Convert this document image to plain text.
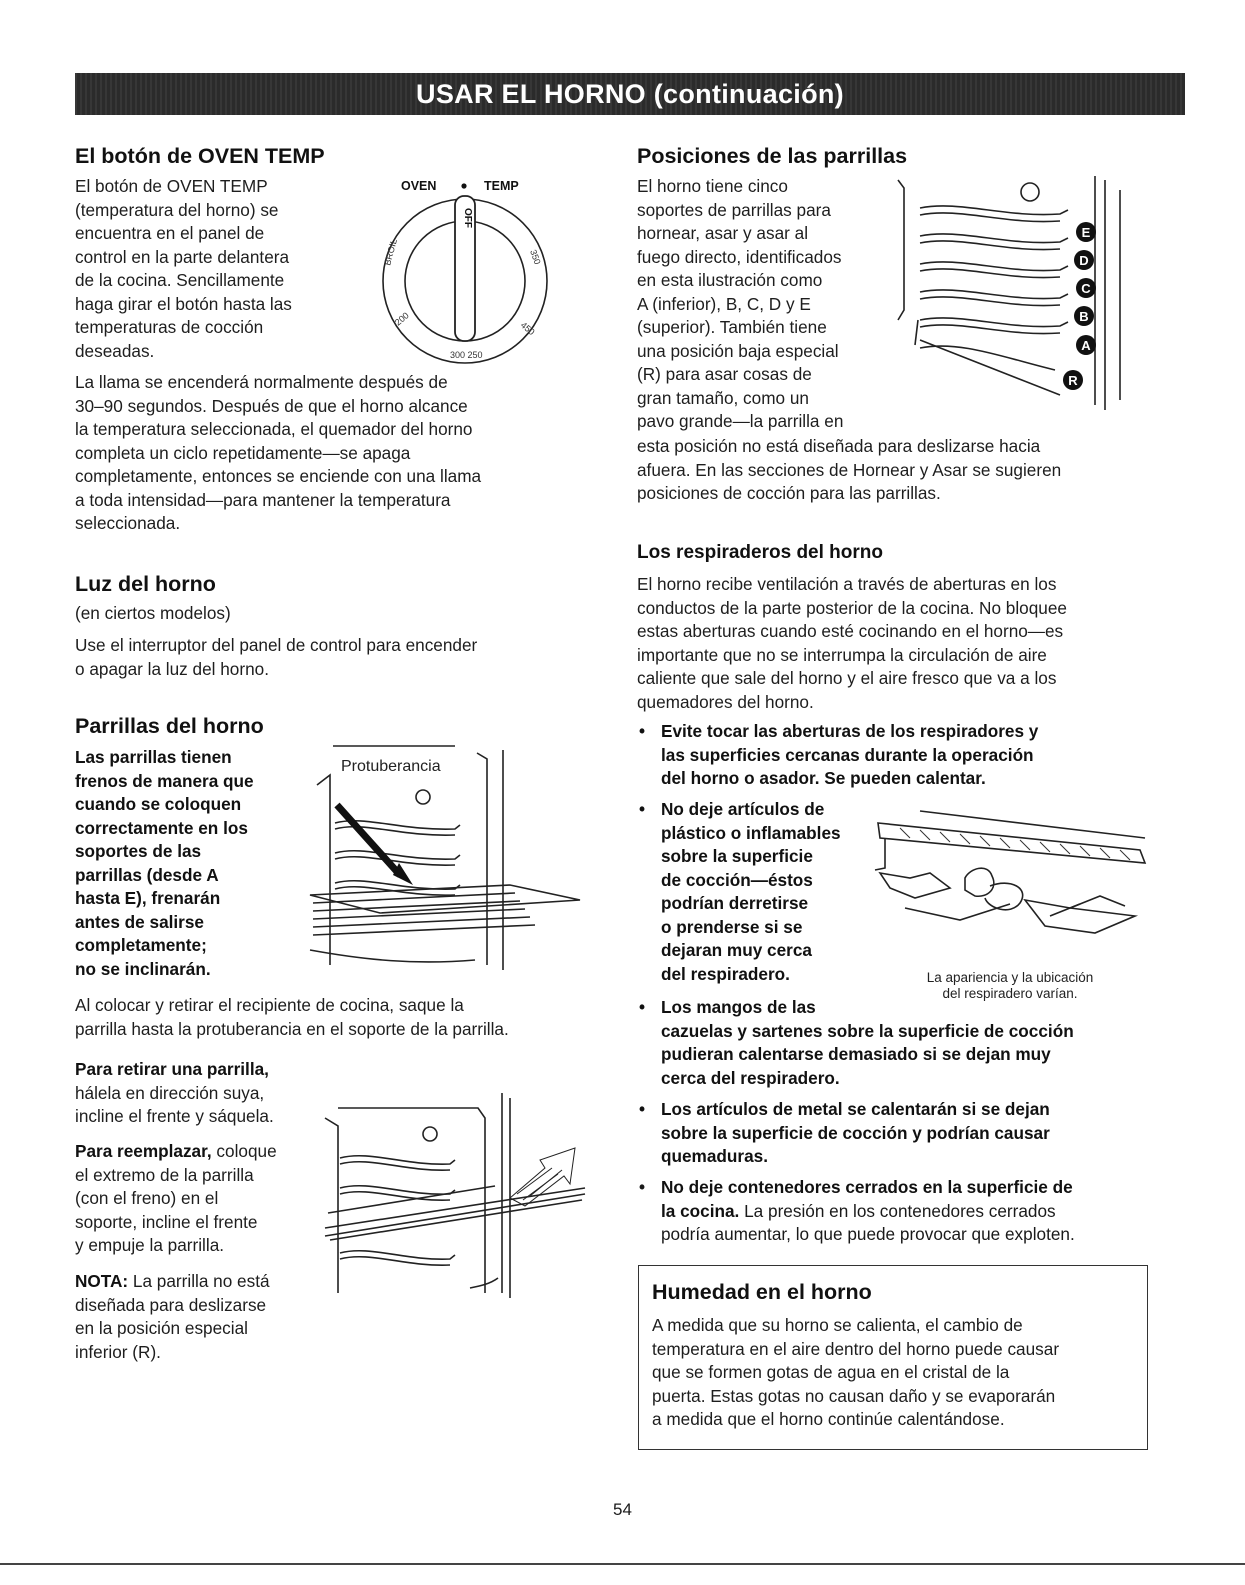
USAR EL HORNO (continuación)
El botón de OVEN TEMP
El botón de OVEN TEMP
(temperatura del horno) se
encuentra en el panel de
control en la parte delantera
de la cocina. Sencillamente
haga girar el botón hasta las
temperaturas de cocción
deseadas.
OVEN	TEMP
OFF
BROIL	350
200
450
300 250
La llama se encenderá normalmente después de
30–90 segundos. Después de que el horno alcance
la temperatura seleccionada, el quemador del horno
completa un ciclo repetidamente—se apaga
completamente, entonces se enciende con una llama
a toda intensidad—para mantener la temperatura
seleccionada.
Luz del horno
(en ciertos modelos)
Use el interruptor del panel de control para encender
o apagar la luz del horno.
Parrillas del horno
Las parrillas tienen
frenos de manera que
cuando se coloquen
correctamente en los
soportes de las
parrillas (desde A
hasta E), frenarán
antes de salirse
completamente;
no se inclinarán.
Protuberancia
Al colocar y retirar el recipiente de cocina, saque la
parrilla hasta la protuberancia en el soporte de la parrilla.
Para retirar una parrilla,
hálela en dirección suya,
incline el frente y sáquela.
Para reemplazar, coloque
el extremo de la parrilla
(con el freno) en el
soporte, incline el frente
y empuje la parrilla.
NOTA: La parrilla no está
diseñada para deslizarse
en la posición especial
inferior (R).
Posiciones de las parrillas
El horno tiene cinco
soportes de parrillas para
hornear, asar y asar al
fuego directo, identificados
en esta ilustración como
A (inferior), B, C, D y E
(superior). También tiene
una posición baja especial
(R) para asar cosas de
gran tamaño, como un
pavo grande—la parrilla en
E
D
C
B
A
R
esta posición no está diseñada para deslizarse hacia
afuera. En las secciones de Hornear y Asar se sugieren
posiciones de cocción para las parrillas.
Los respiraderos del horno
El horno recibe ventilación a través de aberturas en los
conductos de la parte posterior de la cocina. No bloquee
estas aberturas cuando esté cocinando en el horno—es
importante que no se interrumpa la circulación de aire
caliente que sale del horno y el aire fresco que va a los
quemadores del horno.
• Evite tocar las aberturas de los respiradores y
las superficies cercanas durante la operación
del horno o asador. Se pueden calentar.
• No deje artículos de
plástico o inflamables
sobre la superficie
de cocción—éstos
podrían derretirse
o prenderse si se
dejaran muy cerca
del respiradero.
• Los mangos de las
cazuelas y sartenes sobre la superficie de cocción
pudieran calentarse demasiado si se dejan muy
cerca del respiradero.
• Los artículos de metal se calentarán si se dejan
sobre la superficie de cocción y podrían causar
quemaduras.
• No deje contenedores cerrados en la superficie de
la cocina. La presión en los contenedores cerrados
podría aumentar, lo que puede provocar que exploten.
La apariencia y la ubicación
del respiradero varían.
Humedad en el horno
A medida que su horno se calienta, el cambio de
temperatura en el aire dentro del horno puede causar
que se formen gotas de agua en el cristal de la
puerta. Estas gotas no causan daño y se evaporarán
a medida que el horno continúe calentándose.
54
